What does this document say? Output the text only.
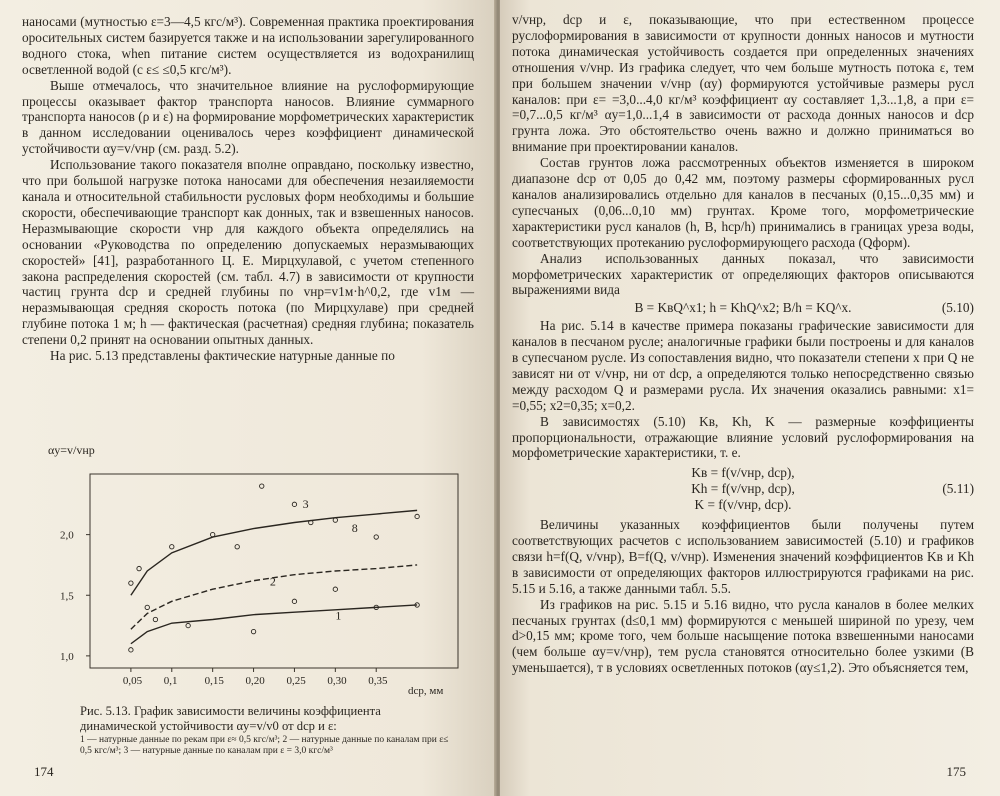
наносами (мутностью ε=3—4,5 кгс/м³). Современная практика проектирования оросительных систем базируется также и на использовании зарегулированного водного стока, when питание систем осуществляется из водохранилищ осветленной водой (с ε≤ ≤0,5 кгс/м³).

Выше отмечалось, что значительное влияние на руслоформирующие процессы оказывает фактор транспорта наносов. Влияние суммарного транспорта наносов (ρ и ε) на формирование морфометрических характеристик в данном исследовании оценивалось через коэффициент динамической устойчивости αy=v/vнр (см. разд. 5.2).

Использование такого показателя вполне оправдано, поскольку известно, что при большой нагрузке потока наносами для обеспечения незаиляемости канала и относительной стабильности русловых форм необходимы и большие скорости, обеспечивающие транспорт как донных, так и взвешенных наносов. Неразмывающие скорости vнр для каждого объекта определялись на основании «Руководства по определению допускаемых неразмывающих скоростей» [41], разработанного Ц. Е. Мирцхулавой, с учетом степенного закона распределения скоростей (см. табл. 4.7) в зависимости от крупности частиц грунта dср и средней глубины по vнр=v1м·h^0,2, где v1м — неразмывающая средняя скорость потока (по Мирцхулаве) при средней глубине потока 1 м; h — фактическая (расчетная) средняя глубина; показатель степени 0,2 принят на основании опытных данных.

На рис. 5.13 представлены фактические натурные данные по

αy=v/vнр
dср, мм
0,05 0,1 0,15 0,20 0,25 0,30 0,35
1,0
1,5
2,0
1
2
3
8

Рис. 5.13. График зависимости величины коэффициента динамической устойчивости αy=v/v0 от dср и ε:

1 — натурные данные по рекам при ε≈ 0,5 кгс/м³; 2 — натурные данные по каналам при ε≤ 0,5 кгс/м³; 3 — натурные данные по каналам при ε = 3,0 кгс/м³

174

v/vнр, dср и ε, показывающие, что при естественном процессе руслоформирования в зависимости от крупности донных наносов и мутности потока динамическая устойчивость создается при определенных значениях отношения v/vнр. Из графика следует, что чем больше мутность потока ε, тем при большем значении v/vнр (αy) формируются устойчивые размеры русл каналов: при ε= =3,0...4,0 кг/м³ коэффициент αy составляет 1,3...1,8, а при ε= =0,7...0,5 кг/м³ αy=1,0...1,4 в зависимости от расхода донных наносов и dср грунта ложа. Это обстоятельство очень важно и должно приниматься во внимание при проектировании каналов.

Состав грунтов ложа рассмотренных объектов изменяется в широком диапазоне dср от 0,05 до 0,42 мм, поэтому размеры сформированных русл каналов анализировались отдельно для каналов в песчаных (0,15...0,35 мм) и супесчаных (0,06...0,10 мм) грунтах. Кроме того, морфометрические характеристики русл каналов (h, B, hср/h) принимались в границах уреза воды, соответствующих протеканию руслоформирующего расхода (Qформ).

Анализ использованных данных показал, что зависимости морфометрических характеристик от определяющих факторов описываются выражениями вида

B = KвQ^x1; h = KhQ^x2; B/h = KQ^x.	(5.10)

На рис. 5.14 в качестве примера показаны графические зависимости для каналов в песчаном русле; аналогичные графики были построены и для каналов в супесчаном русле. Из сопоставления видно, что показатели степени x при Q не зависят ни от v/vнр, ни от dср, а определяются только непосредственно связью между расходом Q и размерами русла. Их значения оказались равными: x1= =0,55; x2=0,35; x=0,2.

В зависимостях (5.10) Kв, Kh, K — размерные коэффициенты пропорциональности, отражающие влияние условий руслоформирования на морфометрические характеристики, т. е.

Kв = f(v/vнр, dср),
Kh = f(v/vнр, dср),
K = f(v/vнр, dср).
(5.11)

Величины указанных коэффициентов были получены путем соответствующих расчетов с использованием зависимостей (5.10) и графиков связи h=f(Q, v/vнр), B=f(Q, v/vнр). Изменения значений коэффициентов Kв и Kh в зависимости от определяющих факторов иллюстрируются графиками на рис. 5.15 и 5.16, а также данными табл. 5.5.

Из графиков на рис. 5.15 и 5.16 видно, что русла каналов в более мелких песчаных грунтах (d≤0,1 мм) формируются с меньшей шириной по урезу, чем d>0,15 мм; кроме того, чем больше насыщение потока взвешенными наносами (чем больше αy=v/vнр), тем русла становятся относительно более узкими (B уменьшается), т в условиях осветленных потоков (αy≤1,2). Это объясняется тем,

175
